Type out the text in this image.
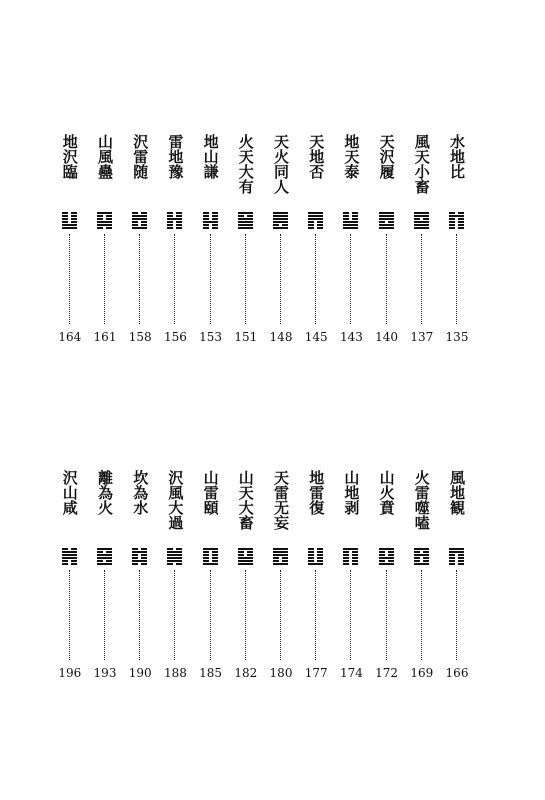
水地比
135
風天小畜
137
天沢履
140
地天泰
143
天地否
145
天火同人
148
火天大有
151
地山謙
153
雷地豫
156
沢雷随
158
山風蠱
161
地沢臨
164
風地観
166
火雷噬嗑
169
山火賁
172
山地剥
174
地雷復
177
天雷无妄
180
山天大畜
182
山雷頤
185
沢風大過
188
坎為水
190
離為火
193
沢山咸
196
